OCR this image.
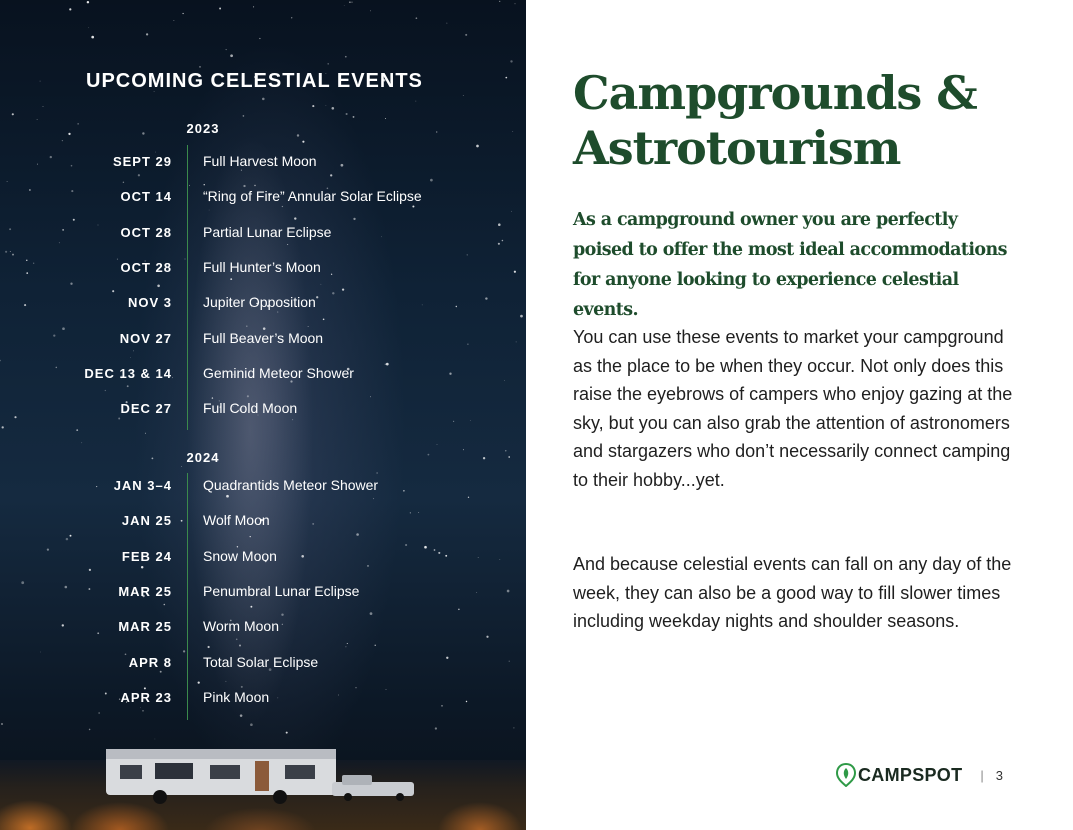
UPCOMING CELESTIAL EVENTS
2023
SEPT 29 Full Harvest Moon
OCT 14 “Ring of Fire” Annular Solar Eclipse
OCT 28 Partial Lunar Eclipse
OCT 28 Full Hunter’s Moon
NOV 3 Jupiter Opposition
NOV 27 Full Beaver’s Moon
DEC 13 & 14 Geminid Meteor Shower
DEC 27 Full Cold Moon
2024
JAN 3–4 Quadrantids Meteor Shower
JAN 25 Wolf Moon
FEB 24 Snow Moon
MAR 25 Penumbral Lunar Eclipse
MAR 25 Worm Moon
APR 8 Total Solar Eclipse
APR 23 Pink Moon
Campgrounds &
Astrotourism

As a campground owner you are perfectly poised to offer the most ideal accommodations for anyone looking to experience celestial events.

You can use these events to market your campground as the place to be when they occur. Not only does this raise the eyebrows of campers who enjoy gazing at the sky, but you can also grab the attention of astronomers and stargazers who don’t necessarily connect camping to their hobby...yet.

And because celestial events can fall on any day of the week, they can also be a good way to fill slower times including weekday nights and shoulder seasons.

CAMPSPOT | 3
